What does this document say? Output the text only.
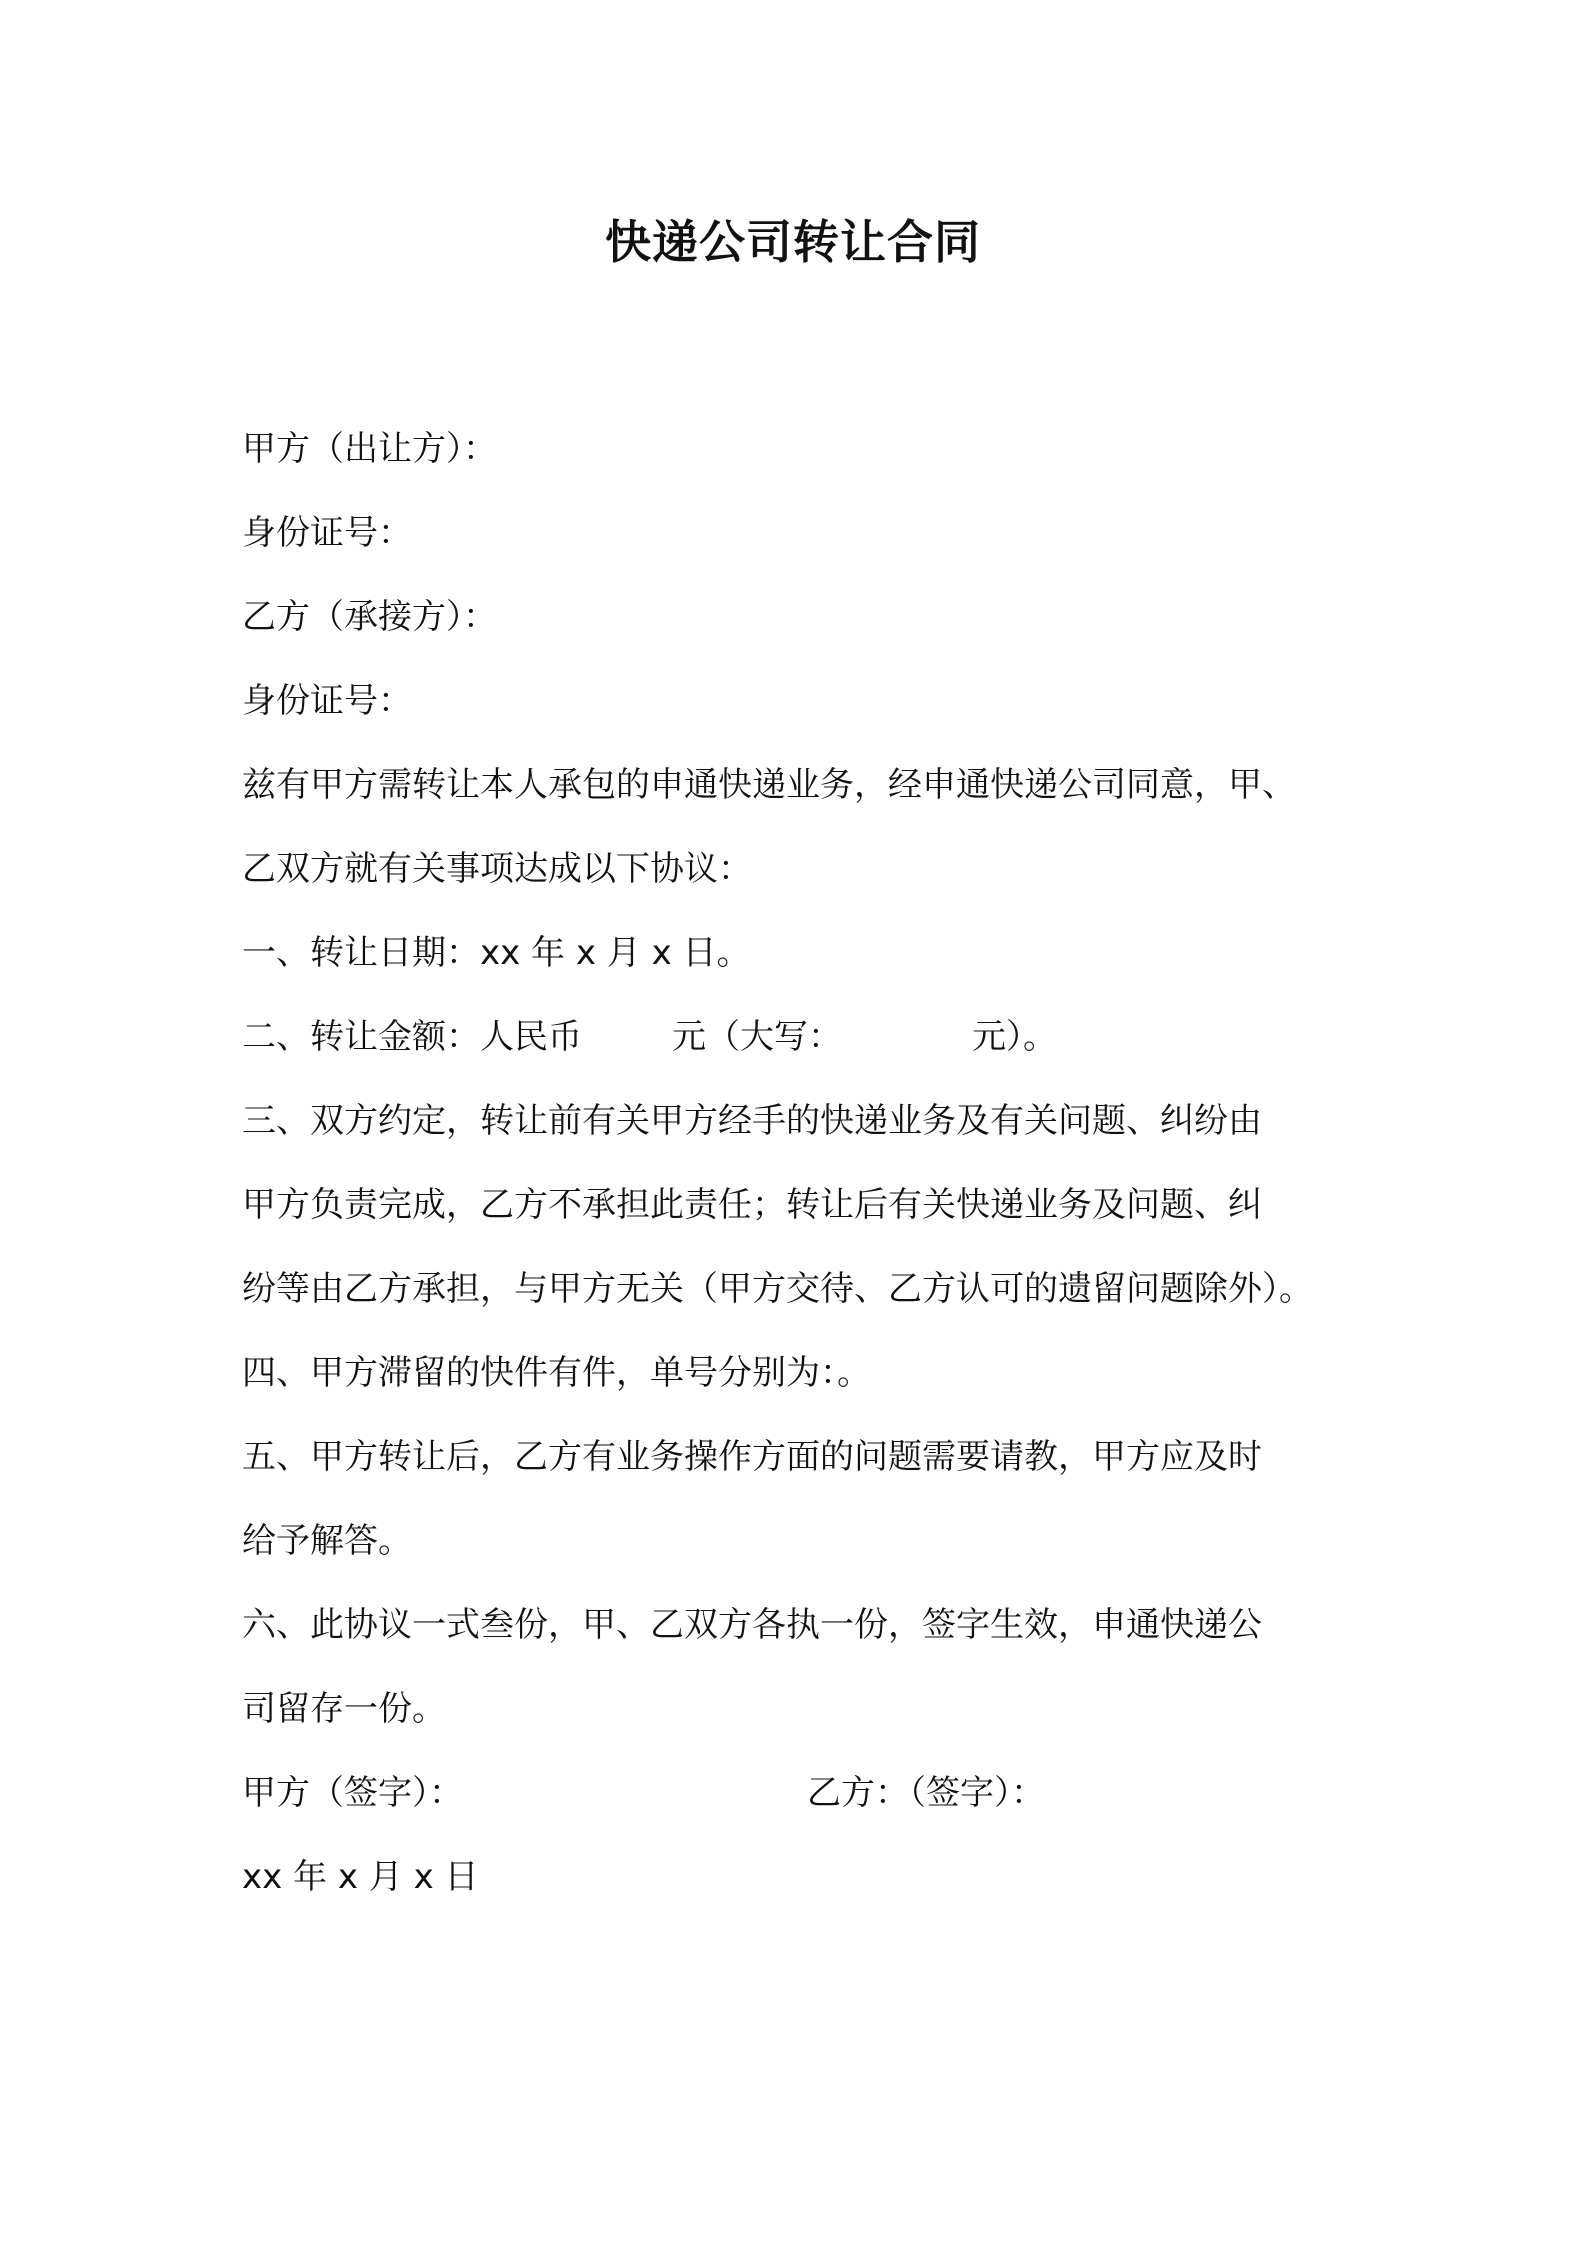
快递公司转让合同
甲方（出让方）：
身份证号：
乙方（承接方）：
身份证号：
兹有甲方需转让本人承包的申通快递业务，经申通快递公司同意，甲、
乙双方就有关事项达成以下协议：
一、转让日期：xx 年 x 月 x 日。
二、转让金额：人民币	元（大写：	元）。
三、双方约定，转让前有关甲方经手的快递业务及有关问题、纠纷由
甲方负责完成，乙方不承担此责任；转让后有关快递业务及问题、纠
纷等由乙方承担，与甲方无关（甲方交待、乙方认可的遗留问题除外）。
四、甲方滞留的快件有件，单号分别为：。
五、甲方转让后，乙方有业务操作方面的问题需要请教，甲方应及时
给予解答。
六、此协议一式叁份，甲、乙双方各执一份，签字生效，申通快递公
司留存一份。
甲方（签字）：	乙方：（签字）：
xx 年 x 月 x 日
